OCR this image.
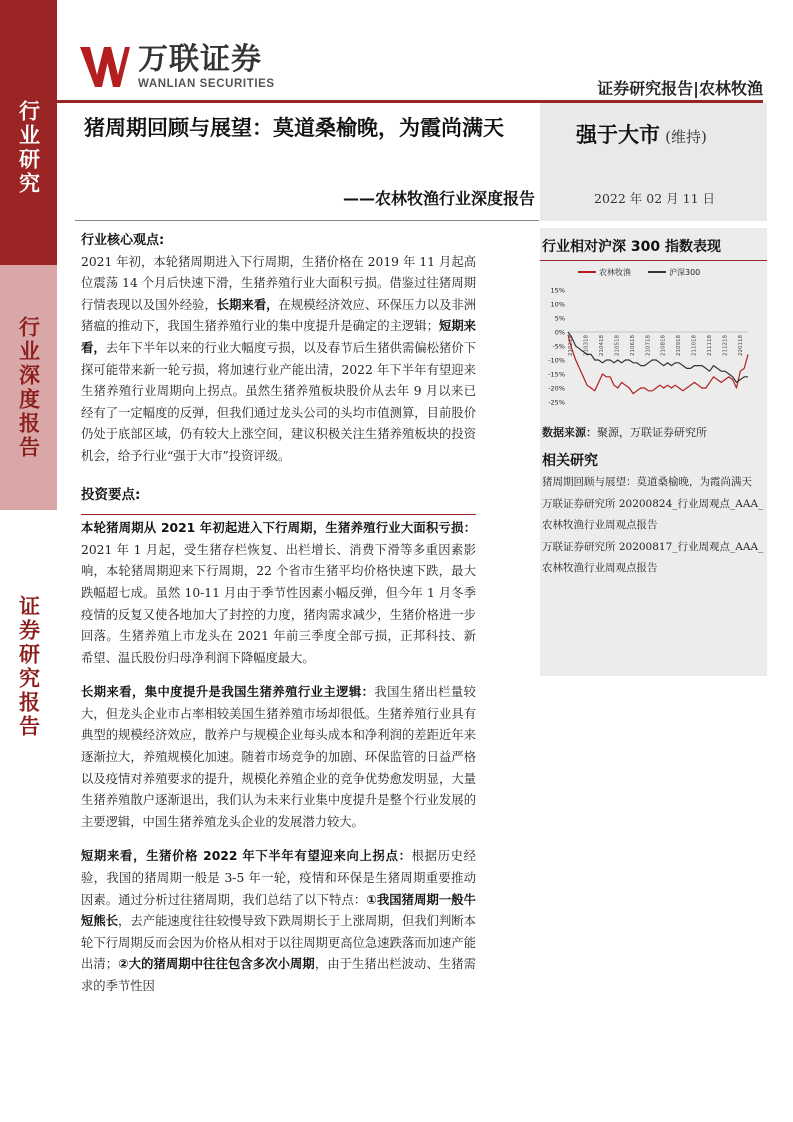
行业研究
行业深度报告
证券研究报告
万联证券
WANLIAN SECURITIES	证券研究报告|农林牧渔
猪周期回顾与展望：莫道桑榆晚，为霞尚满天
——农林牧渔行业深度报告
强于大市 (维持)
2022 年 02 月 11 日
行业相对沪深 300 指数表现
农林牧渔	沪深300
15%
10%
5%
0%
-5%
-10%
-15%
-20%
-25%
210218 210318 210418 210518 210618 210718 210818 210918 211018 211118 211218 220118
数据来源：聚源，万联证券研究所
相关研究
猪周期回顾与展望：莫道桑榆晚，为霞尚满天
万联证券研究所 20200824_行业周观点_AAA_农林牧渔行业周观点报告
万联证券研究所 20200817_行业周观点_AAA_农林牧渔行业周观点报告
行业核心观点:

2021 年初，本轮猪周期进入下行周期，生猪价格在 2019 年 11 月起高位震荡 14 个月后快速下滑，生猪养殖行业大面积亏损。借鉴过往猪周期行情表现以及国外经验，长期来看，在规模经济效应、环保压力以及非洲猪瘟的推动下，我国生猪养殖行业的集中度提升是确定的主逻辑；短期来看，去年下半年以来的行业大幅度亏损，以及春节后生猪供需偏松猪价下探可能带来新一轮亏损，将加速行业产能出清，2022 年下半年有望迎来生猪养殖行业周期向上拐点。虽然生猪养殖板块股价从去年 9 月以来已经有了一定幅度的反弹，但我们通过龙头公司的头均市值测算，目前股价仍处于底部区域，仍有较大上涨空间，建议积极关注生猪养殖板块的投资机会，给予行业“强于大市”投资评级。

投资要点:

本轮猪周期从 2021 年初起进入下行周期，生猪养殖行业大面积亏损：2021 年 1 月起，受生猪存栏恢复、出栏增长、消费下滑等多重因素影响，本轮猪周期迎来下行周期，22 个省市生猪平均价格快速下跌，最大跌幅超七成。虽然 10-11 月由于季节性因素小幅反弹，但今年 1 月冬季疫情的反复又使各地加大了封控的力度，猪肉需求减少，生猪价格进一步回落。生猪养殖上市龙头在 2021 年前三季度全部亏损，正邦科技、新希望、温氏股份归母净利润下降幅度最大。

长期来看，集中度提升是我国生猪养殖行业主逻辑：我国生猪出栏量较大，但龙头企业市占率相较美国生猪养殖市场却很低。生猪养殖行业具有典型的规模经济效应，散养户与规模企业每头成本和净利润的差距近年来逐渐拉大，养殖规模化加速。随着市场竞争的加剧、环保监管的日益严格以及疫情对养殖要求的提升，规模化养殖企业的竞争优势愈发明显，大量生猪养殖散户逐渐退出，我们认为未来行业集中度提升是整个行业发展的主要逻辑，中国生猪养殖龙头企业的发展潜力较大。

短期来看，生猪价格 2022 年下半年有望迎来向上拐点：根据历史经验，我国的猪周期一般是 3-5 年一轮，疫情和环保是生猪周期重要推动因素。通过分析过往猪周期，我们总结了以下特点：①我国猪周期一般牛短熊长，去产能速度往往较慢导致下跌周期长于上涨周期，但我们判断本轮下行周期反而会因为价格从相对于以往周期更高位急速跌落而加速产能出清；②大的猪周期中往往包含多次小周期，由于生猪出栏波动、生猪需求的季节性因
